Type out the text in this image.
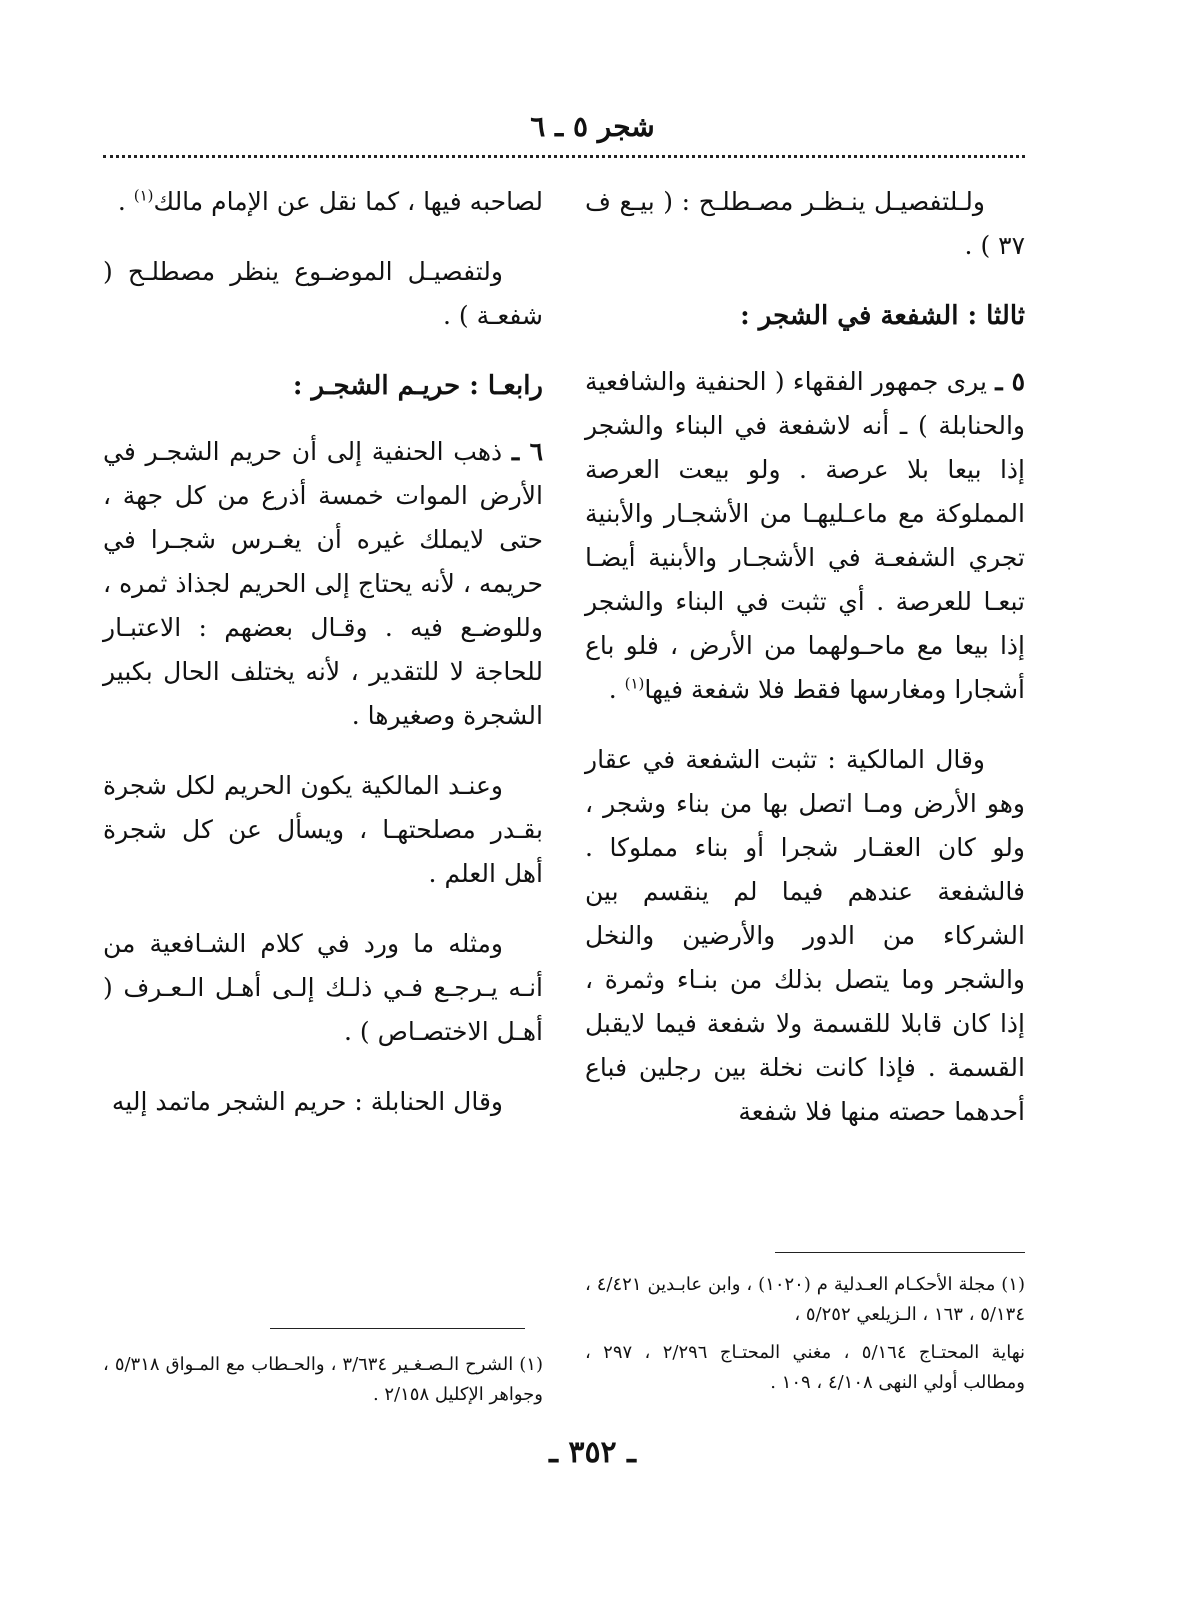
شجر ٥ ـ ٦

ولـلتفصيـل ينـظـر مصـطلـح : ( بيـع ف ٣٧ ) .

ثالثا : الشفعة في الشجر :

٥ ـ يرى جمهور الفقهاء ( الحنفية والشافعية والحنابلة ) ـ أنه لاشفعة في البناء والشجر إذا بيعا بلا عرصة . ولو بيعت العرصة المملوكة مع ماعـليهـا من الأشجـار والأبنية تجري الشفعـة في الأشجـار والأبنية أيضـا تبعـا للعرصة . أي تثبت في البناء والشجر إذا بيعا مع ماحـولهما من الأرض ، فلو باع أشجارا ومغارسها فقط فلا شفعة فيها$^{(١)}$ .

وقال المالكية : تثبت الشفعة في عقار وهو الأرض ومـا اتصل بها من بناء وشجر ، ولو كان العقـار شجرا أو بناء مملوكا . فالشفعة عندهم فيما لم ينقسم بين الشركاء من الدور والأرضين والنخل والشجر وما يتصل بذلك من بنـاء وثمرة ، إذا كان قابلا للقسمة ولا شفعة فيما لايقبل القسمة . فإذا كانت نخلة بين رجلين فباع أحدهما حصته منها فلا شفعة

لصاحبه فيها ، كما نقل عن الإمام مالك$^{(١)}$ .

ولتفصيـل الموضـوع ينظر مصطلـح ( شفعـة ) .

رابعـا : حريـم الشجـر :

٦ ـ ذهب الحنفية إلى أن حريم الشجـر في الأرض الموات خمسة أذرع من كل جهة ، حتى لايملك غيره أن يغـرس شجـرا في حريمه ، لأنه يحتاج إلى الحريم لجذاذ ثمره ، وللوضـع فيه . وقـال بعضهم : الاعتبـار للحاجة لا للتقدير ، لأنه يختلف الحال بكبير الشجرة وصغيرها .

وعنـد المالكية يكون الحريم لكل شجرة بقـدر مصلحتهـا ، ويسأل عن كل شجرة أهل العلم .

ومثله ما ورد في كلام الشـافعية من أنـه يـرجـع فـي ذلـك إلـى أهـل الـعـرف ( أهـل الاختصـاص ) .

وقال الحنابلة : حريم الشجر ماتمد إليه

(١) مجلة الأحكـام العـدلية م (١٠٢٠) ، وابن عابـدين ٤/٤٢١ ، ٥/١٣٤ ، ١٦٣ ، الـزيلعي ٥/٢٥٢ ،

نهاية المحتـاج ٥/١٦٤ ، مغني المحتـاج ٢/٢٩٦ ، ٢٩٧ ، ومطالب أولي النهى ٤/١٠٨ ، ١٠٩ .

(١) الشرح الـصـغـير ٣/٦٣٤ ، والحـطاب مع المـواق ٥/٣١٨ ، وجواهر الإكليل ٢/١٥٨ .

ـ ٣٥٢ ـ
